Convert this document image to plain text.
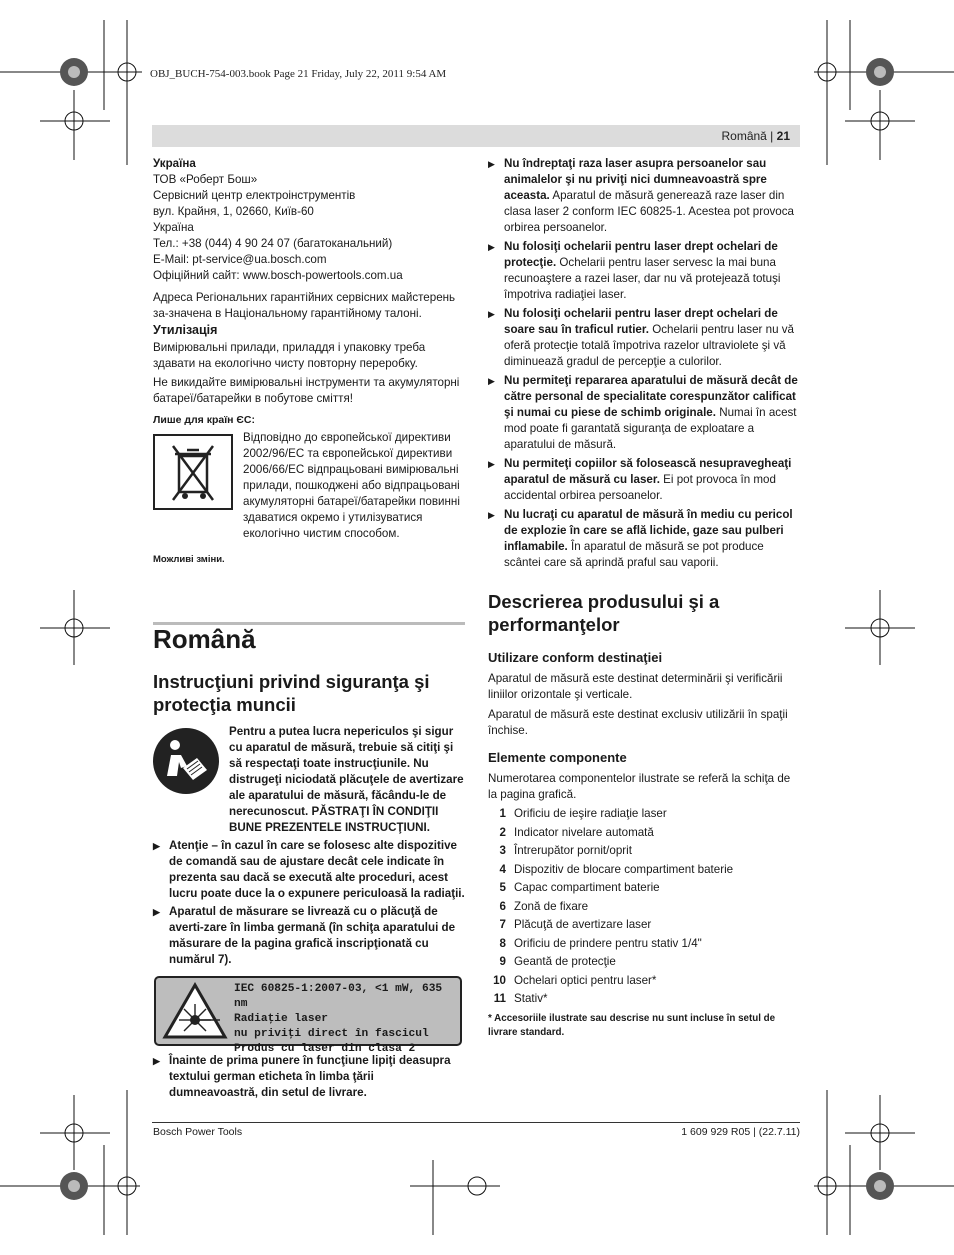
OBJ_BUCH-754-003.book Page 21 Friday, July 22, 2011 9:54 AM
Română | 21

Україна

ТОВ «Роберт Бош»

Сервісний центр електроінструментів

вул. Крайня, 1, 02660, Київ-60

Україна

Тел.: +38 (044) 4 90 24 07 (багатоканальний)

E-Mail: pt-service@ua.bosch.com

Офіційний сайт: www.bosch-powertools.com.ua

Адреса Регіональних гарантійних сервісних майстерень за-значена в Національному гарантійному талоні.

Утилізація

Вимірювальні прилади, приладдя і упаковку треба здавати на екологічно чисту повторну переробку.

Не викидайте вимірювальні інструменти та акумуляторні батареї/батарейки в побутове сміття!

Лише для країн ЄС:

Відповідно до європейської директиви 2002/96/ЕС та європейської директиви 2006/66/EC відпрацьовані вимірювальні прилади, пошкоджені або відпрацьовані акумуляторні батареї/батарейки повинні здаватися окремо і утилізуватися екологічно чистим способом.

Можливі зміни.

Română
Instrucţiuni privind siguranţa şi protecţia muncii
Pentru a putea lucra nepericulos şi sigur cu aparatul de măsură, trebuie să citiţi şi să respectaţi toate instrucţiunile. Nu distrugeţi niciodată plăcuţele de avertizare ale aparatului de măsură, făcându-le de nerecunoscut. PĂSTRAŢI ÎN CONDIŢII BUNE PREZENTELE INSTRUCŢIUNI.

▶ Atenţie – în cazul în care se folosesc alte dispozitive de comandă sau de ajustare decât cele indicate în prezenta sau dacă se execută alte proceduri, acest lucru poate duce la o expunere periculoasă la radiaţii.

▶ Aparatul de măsurare se livrează cu o plăcuţă de averti-zare în limba germană (în schiţa aparatului de măsurare de la pagina grafică inscripţionată cu numărul 7).

IEC 60825-1:2007-03, <1 mW, 635 nm
Radiaţie laser
nu priviţi direct în fascicul
Produs cu laser din clasa 2

▶ Înainte de prima punere în funcţiune lipiţi deasupra textului german eticheta în limba ţării dumneavoastră, din setul de livrare.

▶ Nu îndreptaţi raza laser asupra persoanelor sau animalelor şi nu priviţi nici dumneavoastră spre aceasta. Aparatul de măsură generează raze laser din clasa laser 2 conform IEC 60825-1. Acestea pot provoca orbirea persoanelor.

▶ Nu folosiţi ochelarii pentru laser drept ochelari de protecţie. Ochelarii pentru laser servesc la mai buna recunoaştere a razei laser, dar nu vă protejează totuşi împotriva radiaţiei laser.

▶ Nu folosiţi ochelarii pentru laser drept ochelari de soare sau în traficul rutier. Ochelarii pentru laser nu vă oferă protecţie totală împotriva razelor ultraviolete şi vă diminuează gradul de percepţie a culorilor.

▶ Nu permiteţi repararea aparatului de măsură decât de către personal de specialitate corespunzător calificat şi numai cu piese de schimb originale. Numai în acest mod poate fi garantată siguranţa de exploatare a aparatului de măsură.

▶ Nu permiteţi copiilor să folosească nesupravegheaţi aparatul de măsură cu laser. Ei pot provoca în mod accidental orbirea persoanelor.

▶ Nu lucraţi cu aparatul de măsură în mediu cu pericol de explozie în care se află lichide, gaze sau pulberi inflamabile. În aparatul de măsură se pot produce scântei care să aprindă praful sau vaporii.

Descrierea produsului şi a performanţelor
Utilizare conform destinaţiei

Aparatul de măsură este destinat determinării şi verificării liniilor orizontale şi verticale.

Aparatul de măsură este destinat exclusiv utilizării în spaţii închise.

Elemente componente
Numerotarea componentelor ilustrate se referă la schiţa de la pagina grafică.
1 Orificiu de ieşire radiaţie laser
2 Indicator nivelare automată
3 Întrerupător pornit/oprit
4 Dispozitiv de blocare compartiment baterie
5 Capac compartiment baterie
6 Zonă de fixare
7 Plăcuţă de avertizare laser
8 Orificiu de prindere pentru stativ 1/4"
9 Geantă de protecţie
10 Ochelari optici pentru laser*
11 Stativ*
* Accesoriile ilustrate sau descrise nu sunt incluse în setul de livrare standard.
Bosch Power Tools	1 609 929 R05 | (22.7.11)
